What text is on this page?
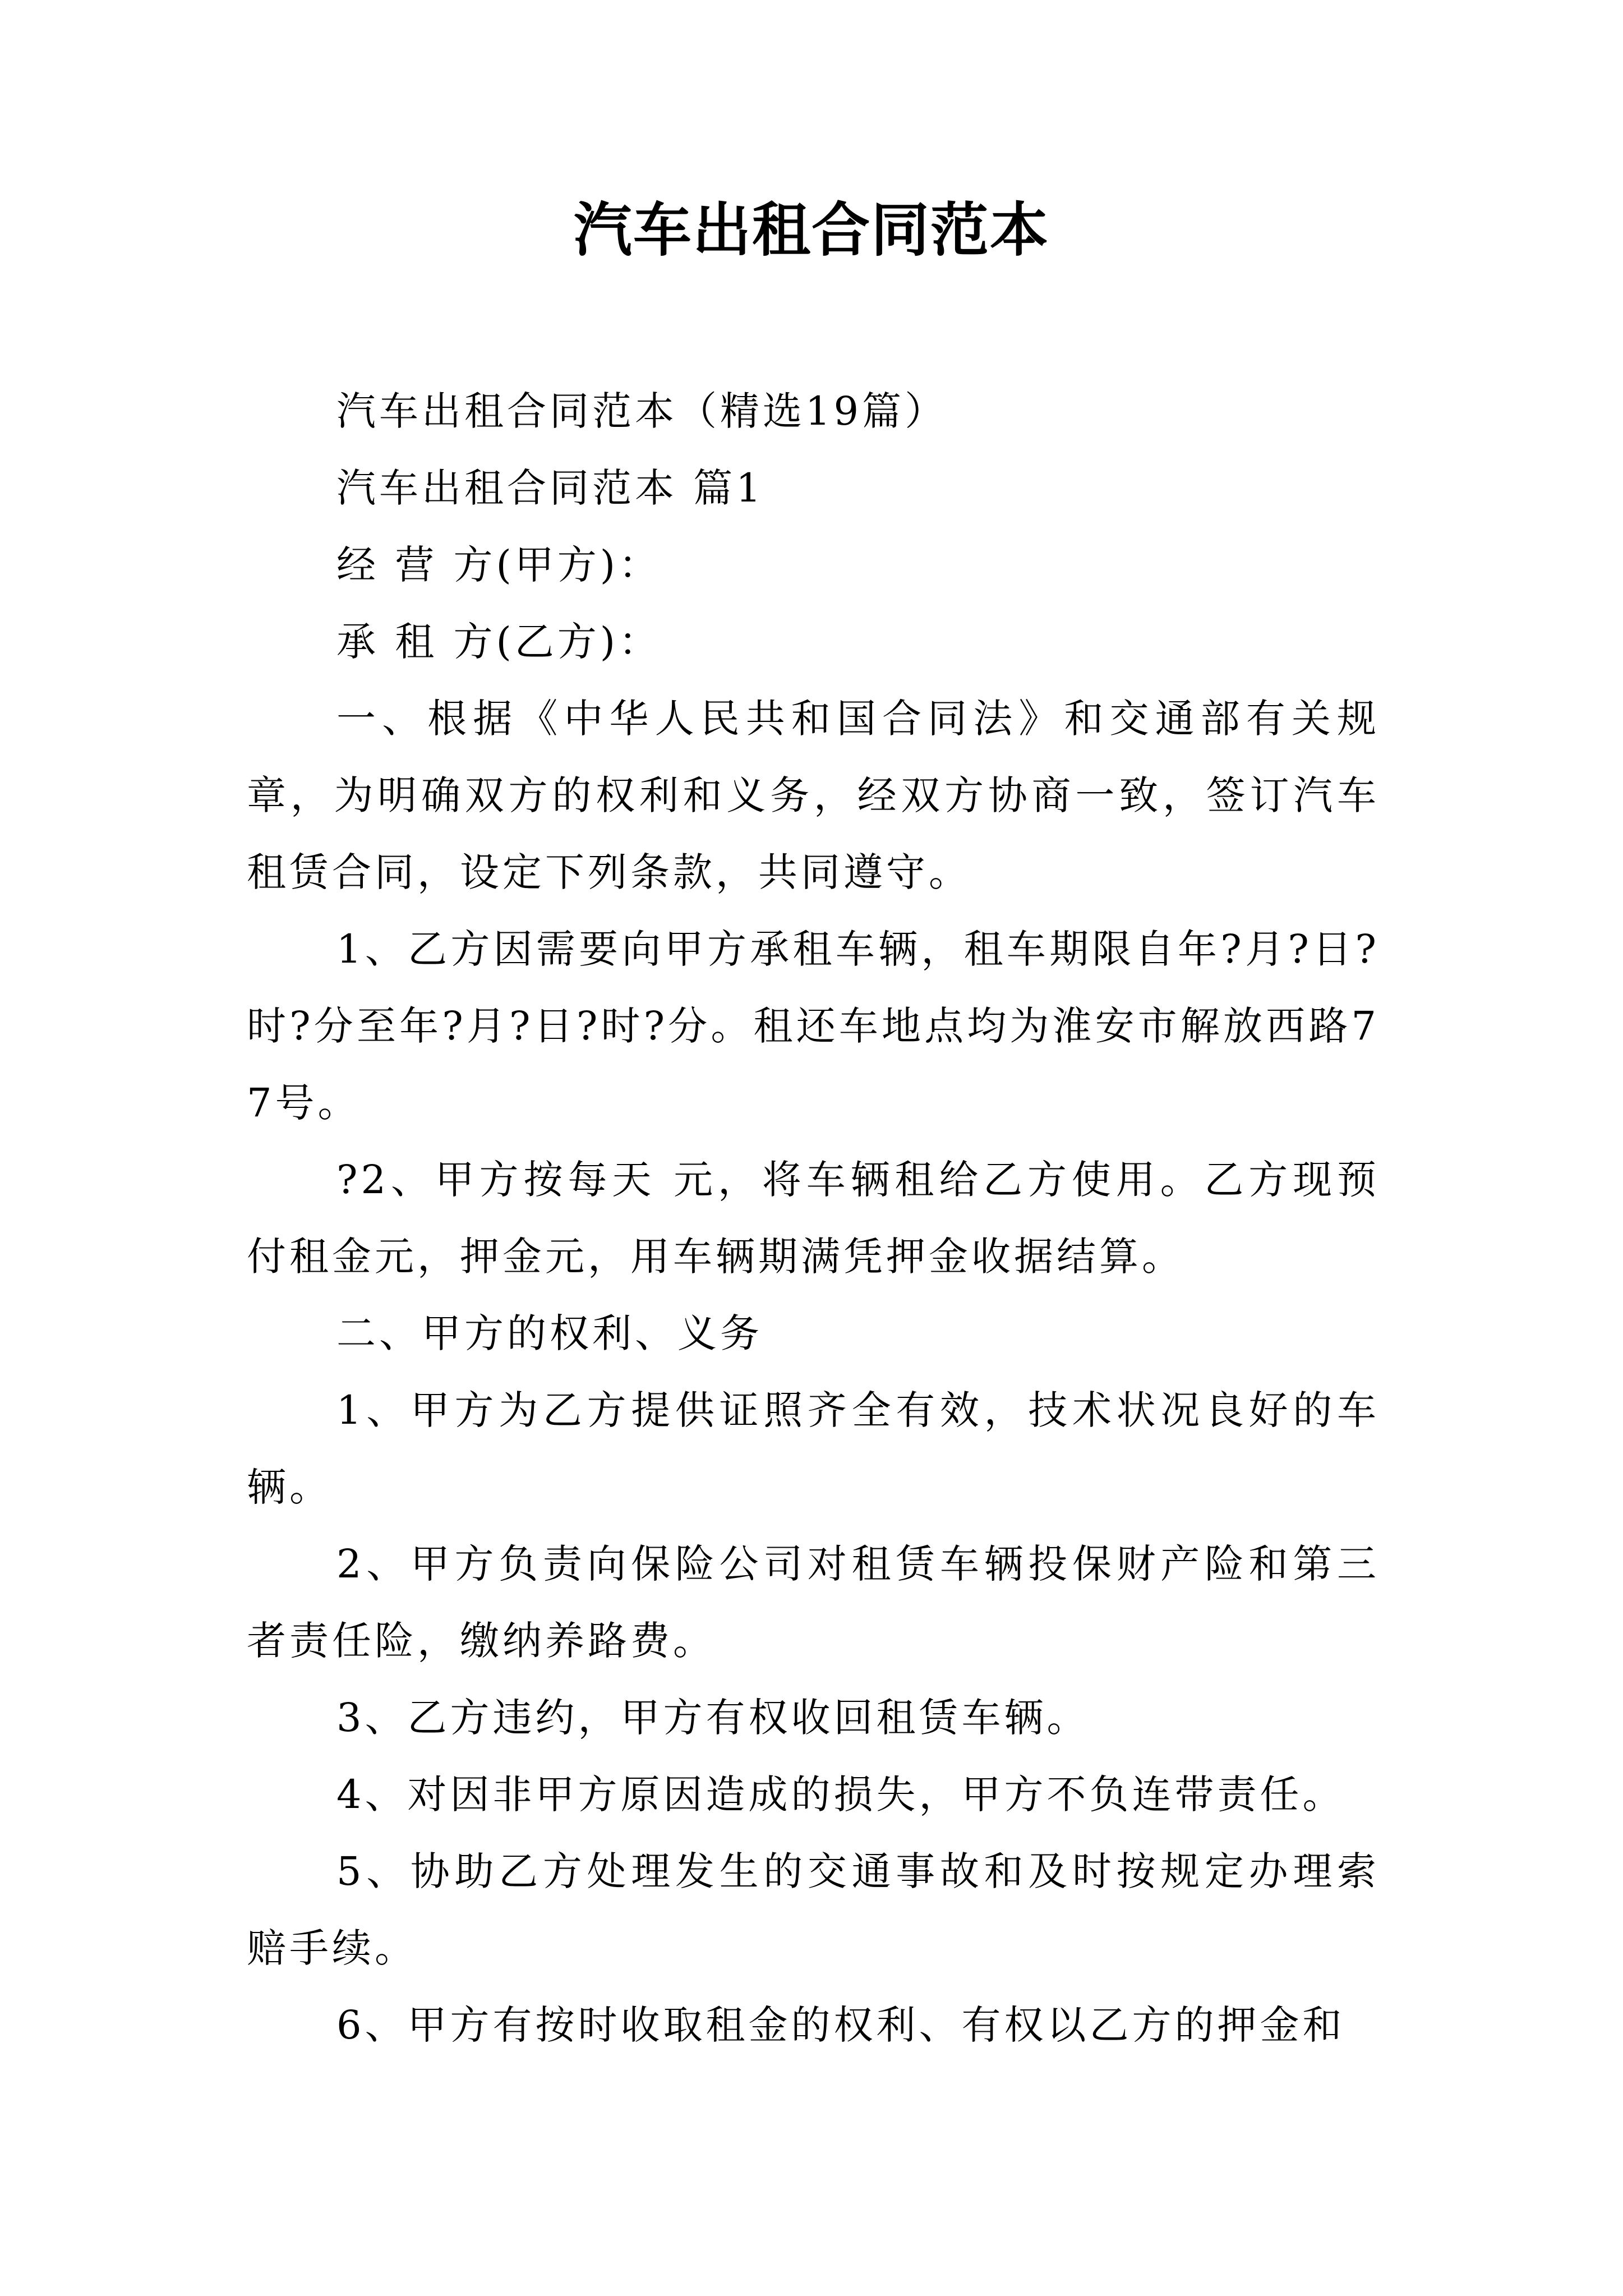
汽车出租合同范本

汽车出租合同范本（精选19篇）

汽车出租合同范本 篇1

经 营 方(甲方)：

承 租 方(乙方)：

一、根据《中华人民共和国合同法》和交通部有关规章，为明确双方的权利和义务，经双方协商一致，签订汽车租赁合同，设定下列条款，共同遵守。

1、乙方因需要向甲方承租车辆，租车期限自年?月?日?时?分至年?月?日?时?分。租还车地点均为淮安市解放西路77号。

?2、甲方按每天 元，将车辆租给乙方使用。乙方现预付租金元，押金元，用车辆期满凭押金收据结算。

二、甲方的权利、义务

1、甲方为乙方提供证照齐全有效，技术状况良好的车辆。

2、甲方负责向保险公司对租赁车辆投保财产险和第三者责任险，缴纳养路费。

3、乙方违约，甲方有权收回租赁车辆。

4、对因非甲方原因造成的损失，甲方不负连带责任。

5、协助乙方处理发生的交通事故和及时按规定办理索赔手续。

6、甲方有按时收取租金的权利、有权以乙方的押金和
